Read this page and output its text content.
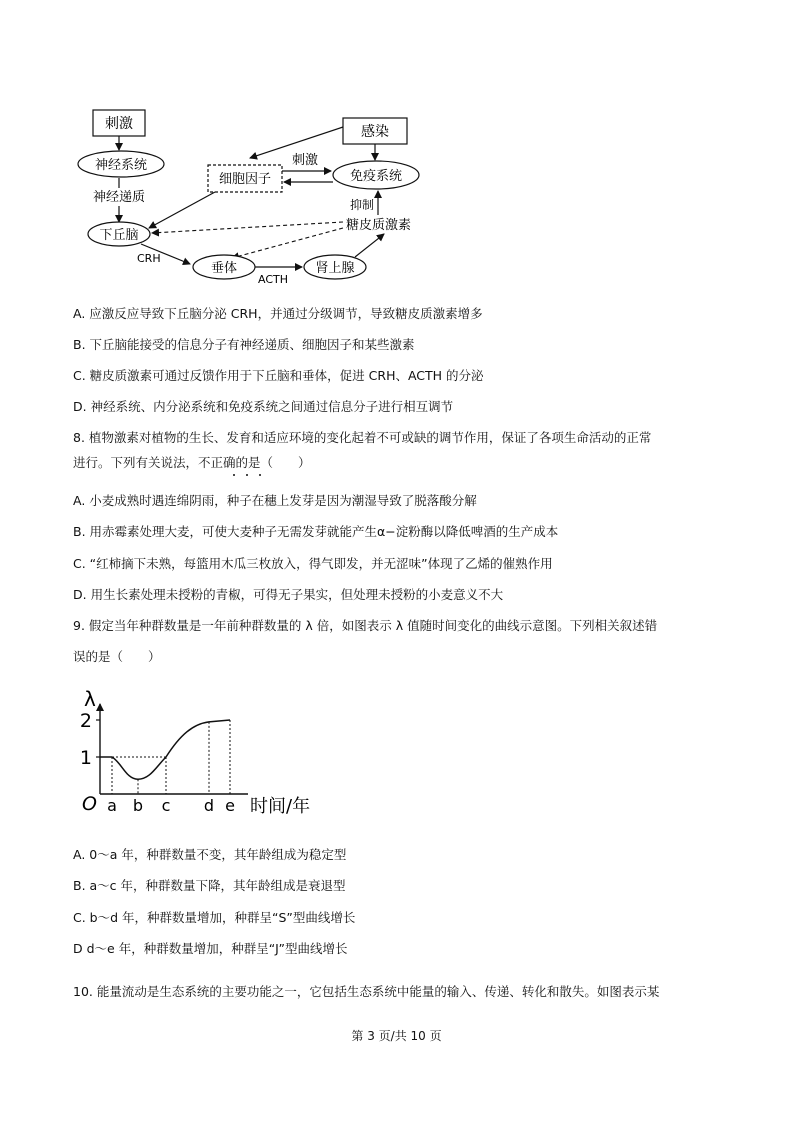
刺激
神经系统
神经递质
下丘脑
感染
细胞因子	免疫系统
刺激
抑制
糖皮质激素
CRH
垂体
ACTH
肾上腺
A. 应激反应导致下丘脑分泌 CRH，并通过分级调节，导致糖皮质激素增多
B. 下丘脑能接受的信息分子有神经递质、细胞因子和某些激素
C. 糖皮质激素可通过反馈作用于下丘脑和垂体，促进 CRH、ACTH 的分泌
D. 神经系统、内分泌系统和免疫系统之间通过信息分子进行相互调节
8. 植物激素对植物的生长、发育和适应环境的变化起着不可或缺的调节作用，保证了各项生命活动的正常
进行。下列有关说法，不正确的是（　　）
A. 小麦成熟时遇连绵阴雨，种子在穗上发芽是因为潮湿导致了脱落酸分解
B. 用赤霉素处理大麦，可使大麦种子无需发芽就能产生α−淀粉酶以降低啤酒的生产成本
C. “红柿摘下未熟，每篮用木瓜三枚放入，得气即发，并无涩味”体现了乙烯的催熟作用
D. 用生长素处理未授粉的青椒，可得无子果实，但处理未授粉的小麦意义不大
9. 假定当年种群数量是一年前种群数量的 λ 倍，如图表示 λ 值随时间变化的曲线示意图。下列相关叙述错
误的是（　　）
1
2
a b c d e
λ
O	时间/年
A. 0～a 年，种群数量不变，其年龄组成为稳定型
B. a～c 年，种群数量下降，其年龄组成是衰退型
C. b～d 年，种群数量增加，种群呈“S”型曲线增长
D d～e 年，种群数量增加，种群呈“J”型曲线增长
10. 能量流动是生态系统的主要功能之一，它包括生态系统中能量的输入、传递、转化和散失。如图表示某
第 3 页/共 10 页
